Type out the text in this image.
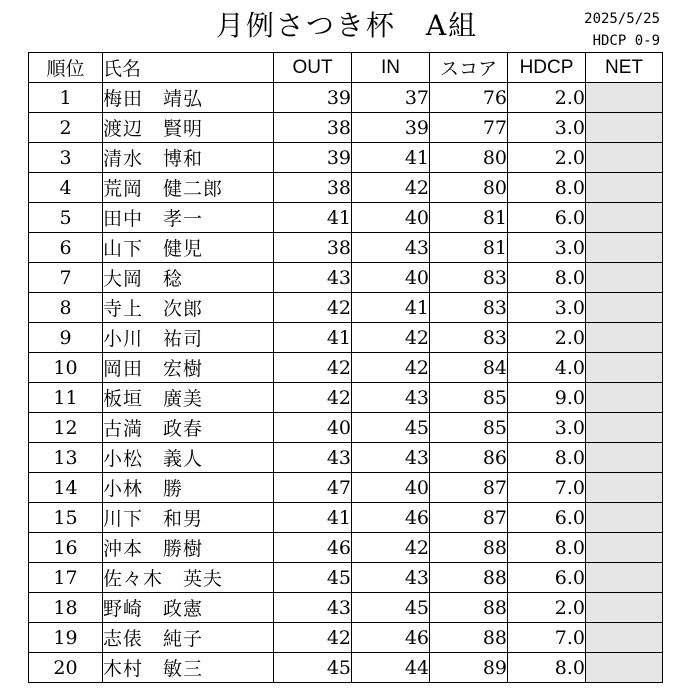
月例さつき杯　A組	2025/5/25
HDCP 0-9
順位	氏名	OUT	IN	スコア	HDCP	NET
1	梅田　靖弘	39	37	76	2.0	
2	渡辺　賢明	38	39	77	3.0	
3	清水　博和	39	41	80	2.0	
4	荒岡　健二郎	38	42	80	8.0	
5	田中　孝一	41	40	81	6.0	
6	山下　健児	38	43	81	3.0	
7	大岡　稔	43	40	83	8.0	
8	寺上　次郎	42	41	83	3.0	
9	小川　祐司	41	42	83	2.0	
10	岡田　宏樹	42	42	84	4.0	
11	板垣　廣美	42	43	85	9.0	
12	古満　政春	40	45	85	3.0	
13	小松　義人	43	43	86	8.0	
14	小林　勝	47	40	87	7.0	
15	川下　和男	41	46	87	6.0	
16	沖本　勝樹	46	42	88	8.0	
17	佐々木　英夫	45	43	88	6.0	
18	野崎　政憲	43	45	88	2.0	
19	志俵　純子	42	46	88	7.0	
20	木村　敏三	45	44	89	8.0	
